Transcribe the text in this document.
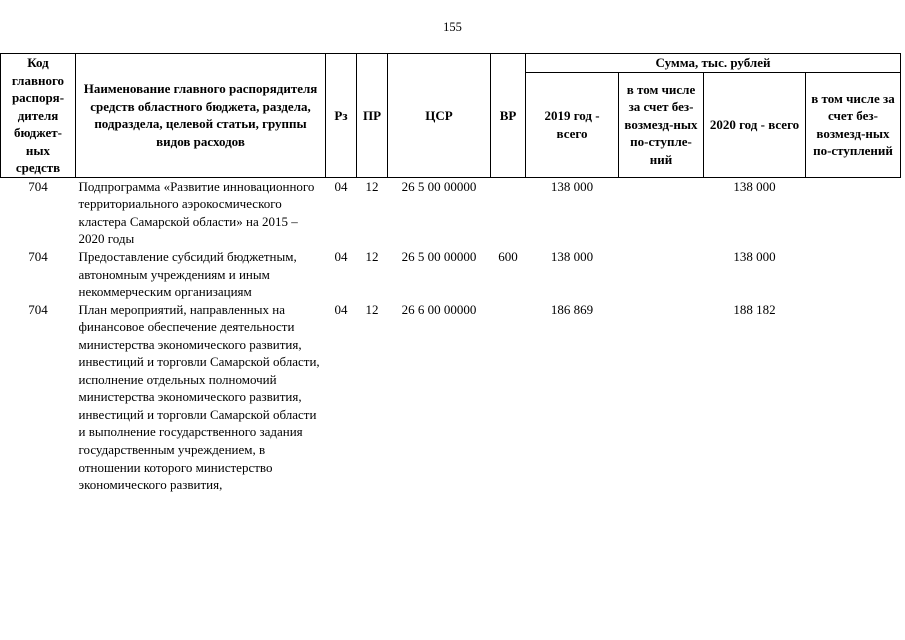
155
Код главного распоря-дителя бюджет-ных средств	Наименование главного распорядителя средств областного бюджета, раздела, подраздела, целевой статьи, группы видов расходов	Рз	ПР	ЦСР	ВР	Сумма, тыс. рублей			
						2019 год - всего	в том числе за счет без-возмезд-ных по-ступле-ний	2020 год - всего	в том числе за счет без-возмезд-ных по-ступлений
704	Подпрограмма «Развитие инновационного территориального аэрокосмического кластера Самарской области» на 2015 – 2020 годы	04	12	26 5 00 00000		138 000		138 000	
704	Предоставление субсидий бюджетным, автономным учреждениям и иным некоммерческим организациям	04	12	26 5 00 00000	600	138 000		138 000	
704	План мероприятий, направленных на финансовое обеспечение деятельности министерства экономического развития, инвестиций и торговли Самарской области, исполнение отдельных полномочий министерства экономического развития, инвестиций и торговли Самарской области и выполнение государственного задания государственным учреждением, в отношении которого министерство экономического развития,	04	12	26 6 00 00000		186 869		188 182	
